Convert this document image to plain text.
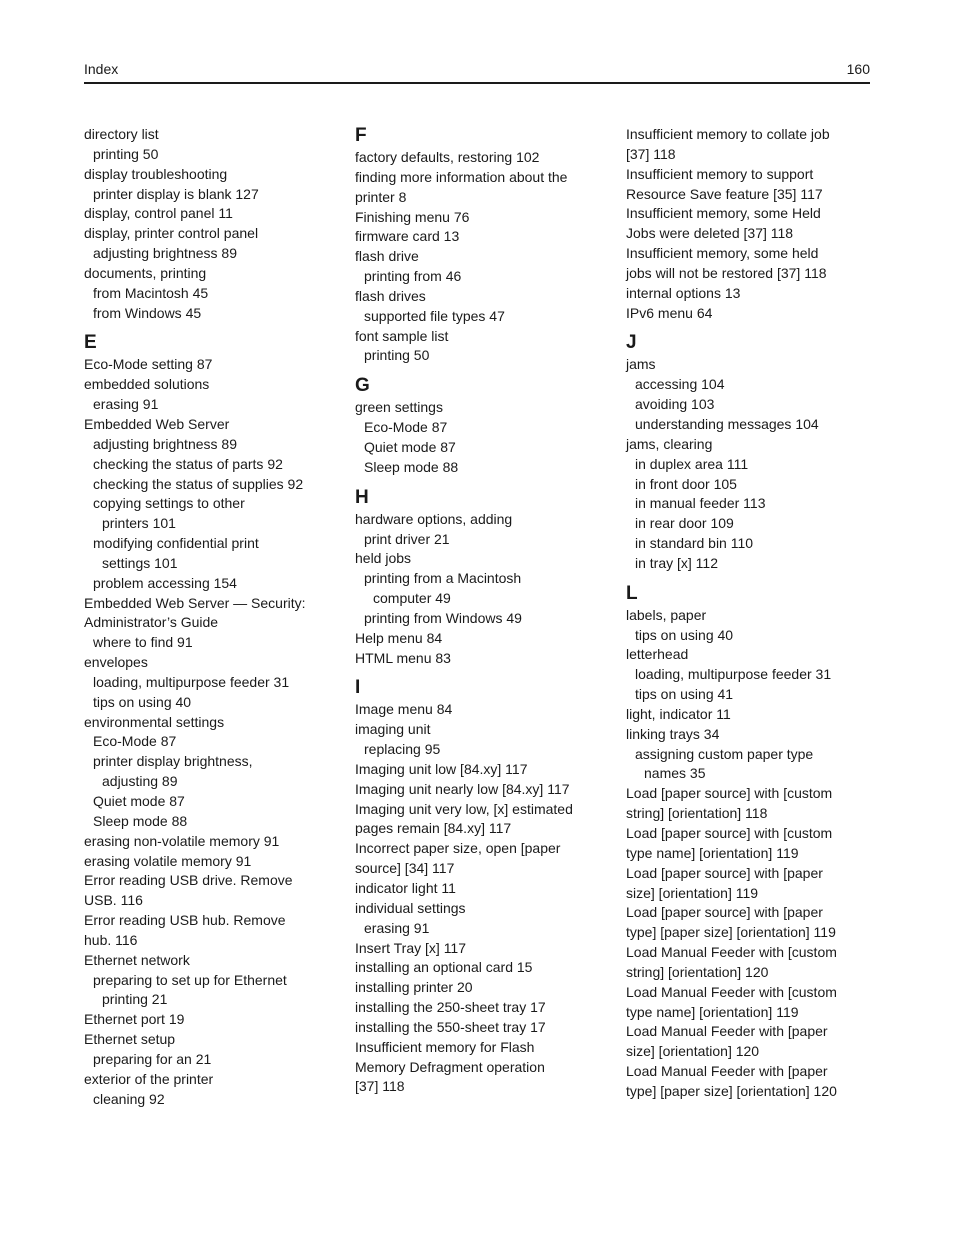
Index	160
directory list
printing 50
display troubleshooting
printer display is blank 127
display, control panel 11
display, printer control panel
adjusting brightness 89
documents, printing
from Macintosh 45
from Windows 45
E
Eco‑Mode setting 87
embedded solutions
erasing 91
Embedded Web Server
adjusting brightness 89
checking the status of parts 92
checking the status of supplies 92
copying settings to other
printers 101
modifying confidential print
settings 101
problem accessing 154
Embedded Web Server — Security:
Administrator’s Guide
where to find 91
envelopes
loading, multipurpose feeder 31
tips on using 40
environmental settings
Eco‑Mode 87
printer display brightness,
adjusting 89
Quiet mode 87
Sleep mode 88
erasing non‑volatile memory 91
erasing volatile memory 91
Error reading USB drive. Remove
USB. 116
Error reading USB hub. Remove
hub. 116
Ethernet network
preparing to set up for Ethernet
printing 21
Ethernet port 19
Ethernet setup
preparing for an 21
exterior of the printer
cleaning 92
F
factory defaults, restoring 102
finding more information about the
printer 8
Finishing menu 76
firmware card 13
flash drive
printing from 46
flash drives
supported file types 47
font sample list
printing 50
G
green settings
Eco‑Mode 87
Quiet mode 87
Sleep mode 88
H
hardware options, adding
print driver 21
held jobs
printing from a Macintosh
computer 49
printing from Windows 49
Help menu 84
HTML menu 83
I
Image menu 84
imaging unit
replacing 95
Imaging unit low [84.xy] 117
Imaging unit nearly low [84.xy] 117
Imaging unit very low, [x] estimated
pages remain [84.xy] 117
Incorrect paper size, open [paper
source] [34] 117
indicator light 11
individual settings
erasing 91
Insert Tray [x] 117
installing an optional card 15
installing printer 20
installing the 250‑sheet tray 17
installing the 550‑sheet tray 17
Insufficient memory for Flash
Memory Defragment operation
[37] 118
Insufficient memory to collate job
[37] 118
Insufficient memory to support
Resource Save feature [35] 117
Insufficient memory, some Held
Jobs were deleted [37] 118
Insufficient memory, some held
jobs will not be restored [37] 118
internal options 13
IPv6 menu 64
J
jams
accessing 104
avoiding 103
understanding messages 104
jams, clearing
in duplex area 111
in front door 105
in manual feeder 113
in rear door 109
in standard bin 110
in tray [x] 112
L
labels, paper
tips on using 40
letterhead
loading, multipurpose feeder 31
tips on using 41
light, indicator 11
linking trays 34
assigning custom paper type
names 35
Load [paper source] with [custom
string] [orientation] 118
Load [paper source] with [custom
type name] [orientation] 119
Load [paper source] with [paper
size] [orientation] 119
Load [paper source] with [paper
type] [paper size] [orientation] 119
Load Manual Feeder with [custom
string] [orientation] 120
Load Manual Feeder with [custom
type name] [orientation] 119
Load Manual Feeder with [paper
size] [orientation] 120
Load Manual Feeder with [paper
type] [paper size] [orientation] 120
